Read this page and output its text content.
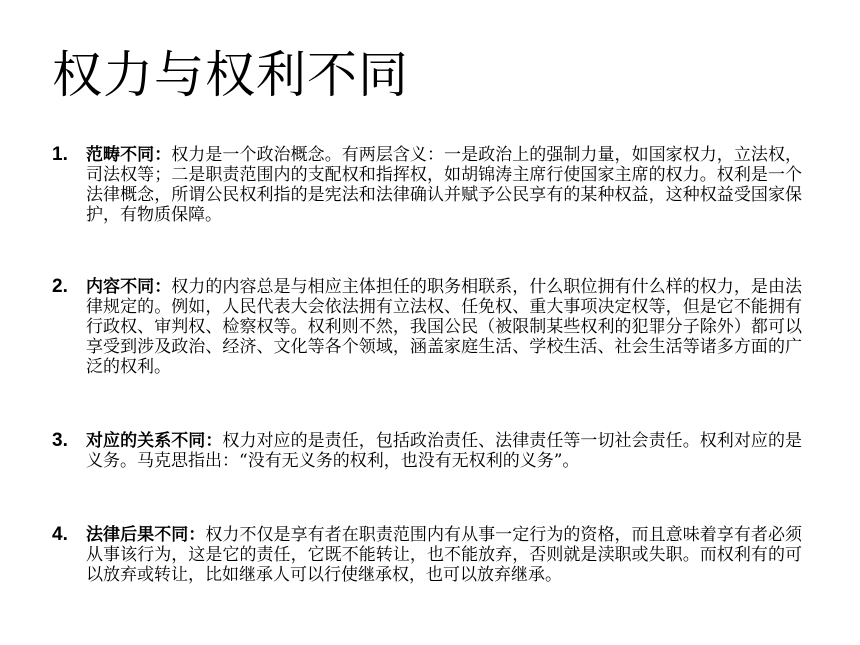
权力与权利不同
1.	范畴不同：权力是一个政治概念。有两层含义：一是政治上的强制力量，如国家权力，立法权，司法权等；二是职责范围内的支配权和指挥权，如胡锦涛主席行使国家主席的权力。权利是一个法律概念，所谓公民权利指的是宪法和法律确认并赋予公民享有的某种权益，这种权益受国家保护，有物质保障。

2.	内容不同：权力的内容总是与相应主体担任的职务相联系，什么职位拥有什么样的权力，是由法律规定的。例如，人民代表大会依法拥有立法权、任免权、重大事项决定权等，但是它不能拥有行政权、审判权、检察权等。权利则不然，我国公民（被限制某些权利的犯罪分子除外）都可以享受到涉及政治、经济、文化等各个领域，涵盖家庭生活、学校生活、社会生活等诸多方面的广泛的权利。

3.	对应的关系不同：权力对应的是责任，包括政治责任、法律责任等一切社会责任。权利对应的是义务。马克思指出：“没有无义务的权利，也没有无权利的义务”。

4.	法律后果不同：权力不仅是享有者在职责范围内有从事一定行为的资格，而且意味着享有者必须从事该行为，这是它的责任，它既不能转让，也不能放弃，否则就是渎职或失职。而权利有的可以放弃或转让，比如继承人可以行使继承权，也可以放弃继承。
